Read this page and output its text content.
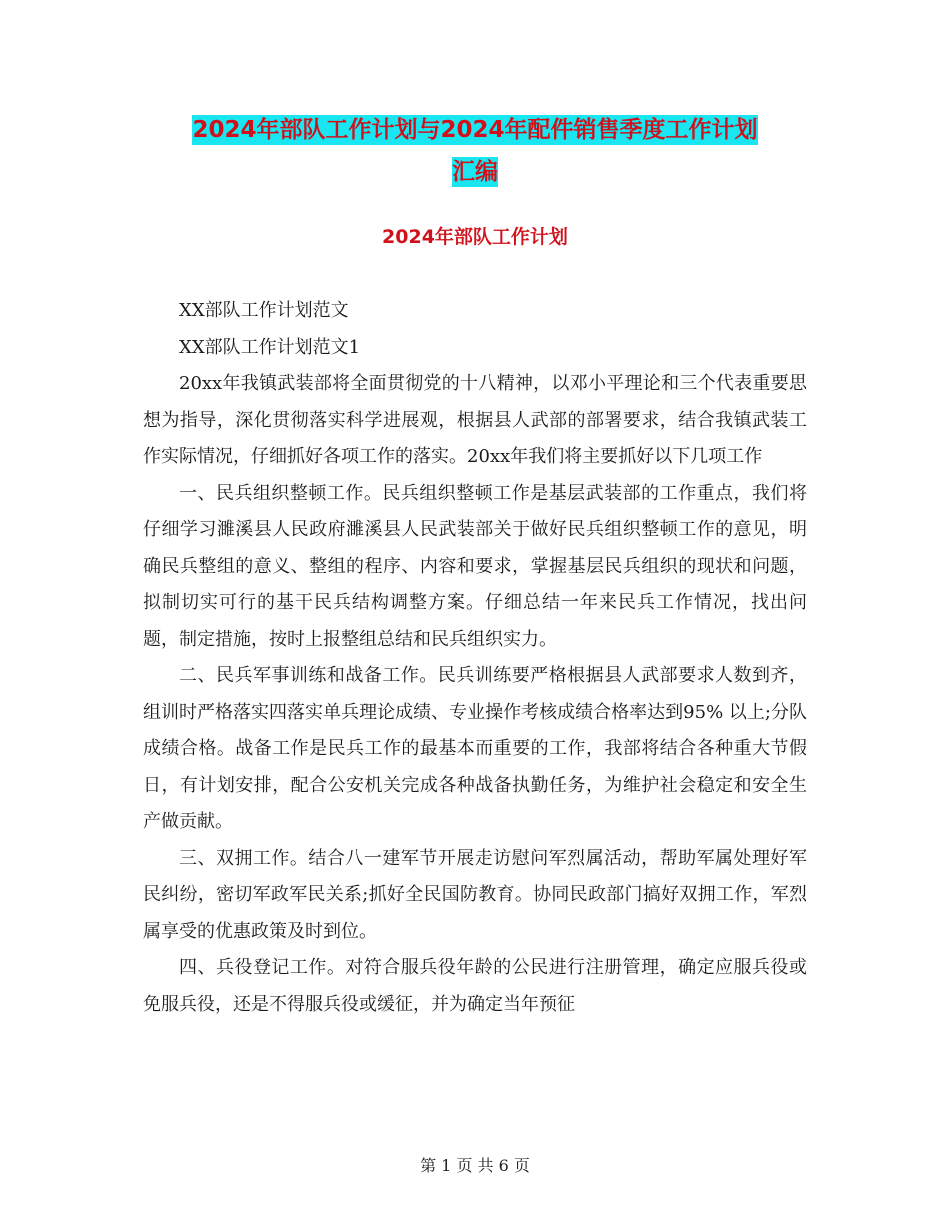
2024年部队工作计划与2024年配件销售季度工作计划
汇编
2024年部队工作计划

XX部队工作计划范文

XX部队工作计划范文1

20xx年我镇武装部将全面贯彻党的十八精神，以邓小平理论和三个代表重要思想为指导，深化贯彻落实科学进展观，根据县人武部的部署要求，结合我镇武装工作实际情况，仔细抓好各项工作的落实。20xx年我们将主要抓好以下几项工作

一、民兵组织整顿工作。民兵组织整顿工作是基层武装部的工作重点，我们将仔细学习濉溪县人民政府濉溪县人民武装部关于做好民兵组织整顿工作的意见，明确民兵整组的意义、整组的程序、内容和要求，掌握基层民兵组织的现状和问题，拟制切实可行的基干民兵结构调整方案。仔细总结一年来民兵工作情况，找出问题，制定措施，按时上报整组总结和民兵组织实力。

二、民兵军事训练和战备工作。民兵训练要严格根据县人武部要求人数到齐，组训时严格落实四落实单兵理论成绩、专业操作考核成绩合格率达到95% 以上;分队成绩合格。战备工作是民兵工作的最基本而重要的工作，我部将结合各种重大节假日，有计划安排，配合公安机关完成各种战备执勤任务，为维护社会稳定和安全生产做贡献。

三、双拥工作。结合八一建军节开展走访慰问军烈属活动，帮助军属处理好军民纠纷，密切军政军民关系;抓好全民国防教育。协同民政部门搞好双拥工作，军烈属享受的优惠政策及时到位。

四、兵役登记工作。对符合服兵役年龄的公民进行注册管理，确定应服兵役或免服兵役，还是不得服兵役或缓征，并为确定当年预征

第 1 页 共 6 页
